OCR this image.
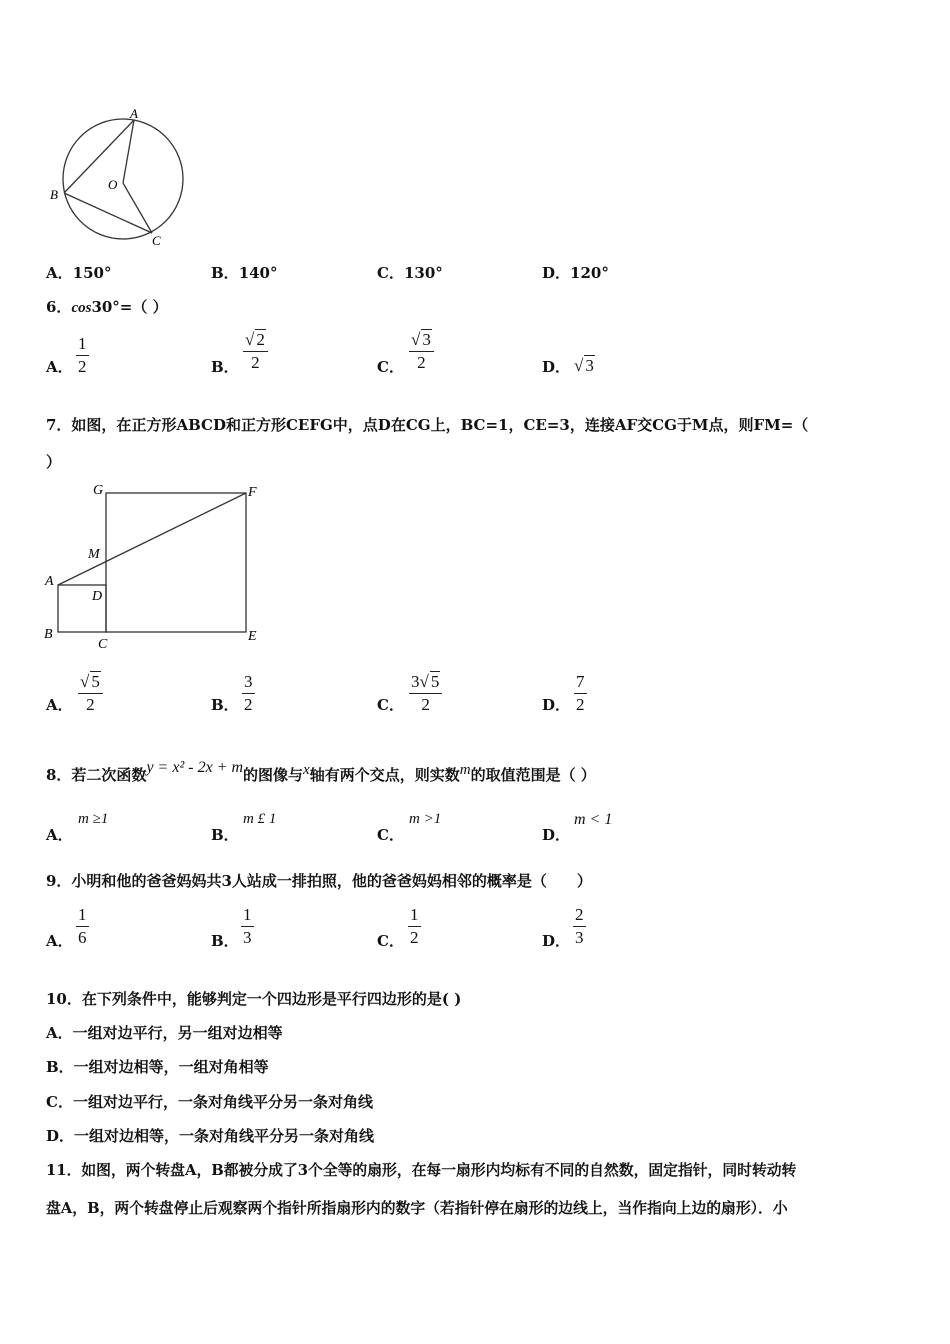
A
B
C
O
A．150°	B．140°	C．130°	D．120°
6．cos30°=（ ）
A． $\frac{1}{2}$	B． $\frac{√ 2}{2}$	C． $\frac{√ 3}{2}$	D． √ 3
7．如图，在正方形ABCD和正方形CEFG中，点D在CG上，BC=1，CE=3，连接AF交CG于M点，则FM=（
）
G	F
M
A
D
B
C
E
A． $\frac{√ 5}{2}$	B． $\frac{3}{2}$	C． $\frac{3√ 5}{2}$	D． $\frac{7}{2}$
8．若二次函数y = x² - 2x + m的图像与x轴有两个交点，则实数m的取值范围是（ ）
A．
m ≥1
B．
m £ 1
C．
m >1
D．
m < 1
9．小明和他的爸爸妈妈共3人站成一排拍照，他的爸爸妈妈相邻的概率是（　　）
A． $\frac{1}{6}$	B． $\frac{1}{3}$	C． $\frac{1}{2}$	D． $\frac{2}{3}$
10．在下列条件中，能够判定一个四边形是平行四边形的是( )
A．一组对边平行，另一组对边相等
B．一组对边相等，一组对角相等
C．一组对边平行，一条对角线平分另一条对角线
D．一组对边相等，一条对角线平分另一条对角线
11．如图，两个转盘A，B都被分成了3个全等的扇形，在每一扇形内均标有不同的自然数，固定指针，同时转动转
盘A，B，两个转盘停止后观察两个指针所指扇形内的数字（若指针停在扇形的边线上，当作指向上边的扇形）．小
